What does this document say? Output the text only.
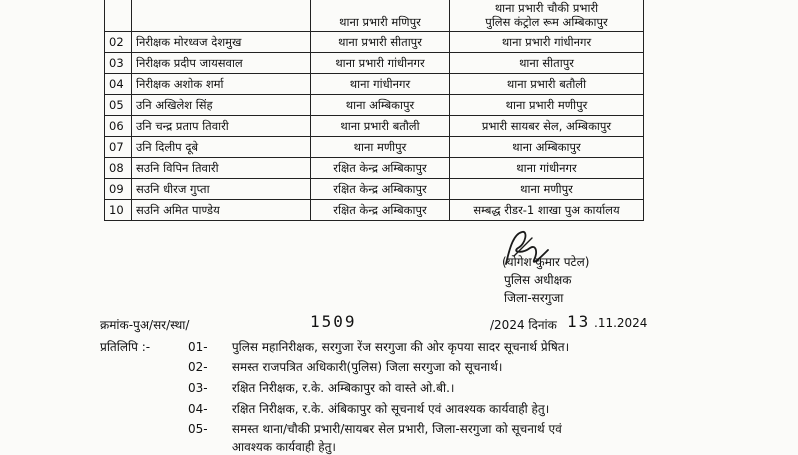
		थाना प्रभारी मणिपुर	थाना प्रभारी चौकी प्रभारी
पुलिस कंट्रोल रूम अम्बिकापुर

02	निरीक्षक मोरध्वज देशमुख	थाना प्रभारी सीतापुर	थाना प्रभारी गांधीनगर
03	निरीक्षक प्रदीप जायसवाल	थाना प्रभारी गांधीनगर	थाना सीतापुर
04	निरीक्षक अशोक शर्मा	थाना गांधीनगर	थाना प्रभारी बतौली
05	उनि अखिलेश सिंह	थाना अम्बिकापुर	थाना प्रभारी मणीपुर
06	उनि चन्द्र प्रताप तिवारी	थाना प्रभारी बतौली	प्रभारी सायबर सेल, अम्बिकापुर
07	उनि दिलीप दूबे	थाना मणीपुर	थाना अम्बिकापुर
08	सउनि विपिन तिवारी	रक्षित केन्द्र अम्बिकापुर	थाना गांधीनगर
09	सउनि धीरज गुप्ता	रक्षित केन्द्र अम्बिकापुर	थाना मणीपुर
10	सउनि अमित पाण्डेय	रक्षित केन्द्र अम्बिकापुर	सम्बद्ध रीडर-1 शाखा पुअ कार्यालय
(योगेश कुमार पटेल)
पुलिस अधीक्षक
जिला-सरगुजा
क्रमांक-पुअ/सर/स्था/	1509	/2024 दिनांक 13 .11.2024
प्रतिलिपि :-	01- पुलिस महानिरीक्षक, सरगुजा रेंज सरगुजा की ओर कृपया सादर सूचनार्थ प्रेषित।
02- समस्त राजपत्रित अधिकारी(पुलिस) जिला सरगुजा को सूचनार्थ।
03- रक्षित निरीक्षक, र.के. अम्बिकापुर को वास्ते ओ.बी.।
04- रक्षित निरीक्षक, र.के. अंबिकापुर को सूचनार्थ एवं आवश्यक कार्यवाही हेतु।
05- समस्त थाना/चौकी प्रभारी/सायबर सेल प्रभारी, जिला-सरगुजा को सूचनार्थ एवं
आवश्यक कार्यवाही हेतु।
